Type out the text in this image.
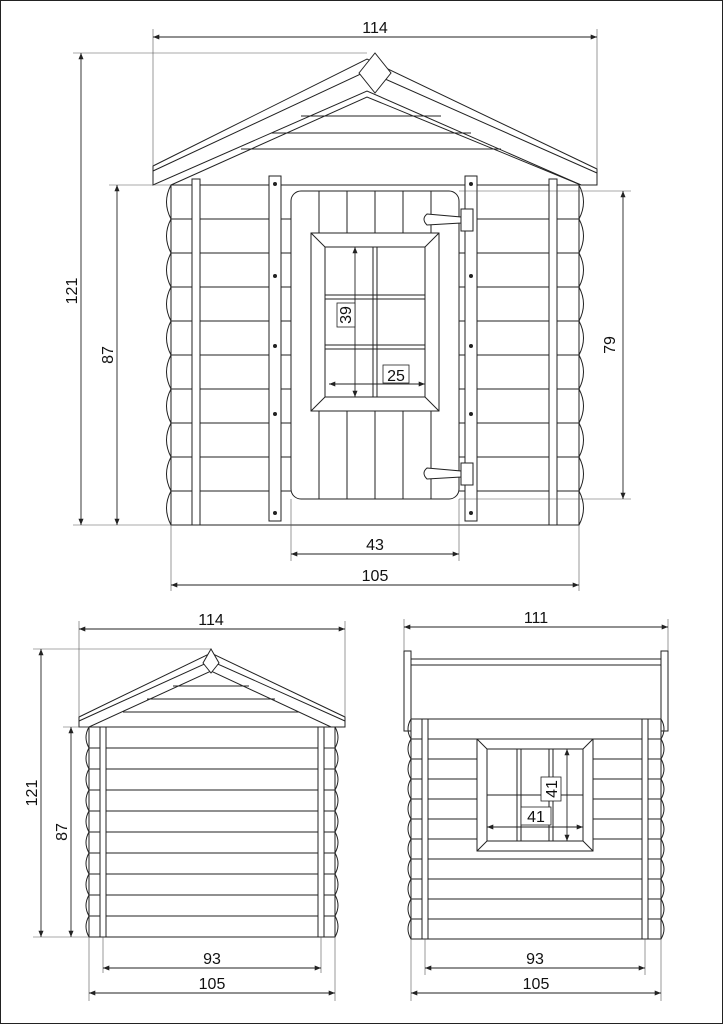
114
121
87
79
39
25
43
105
114
121
87
93
105
111
41
41
93
105
